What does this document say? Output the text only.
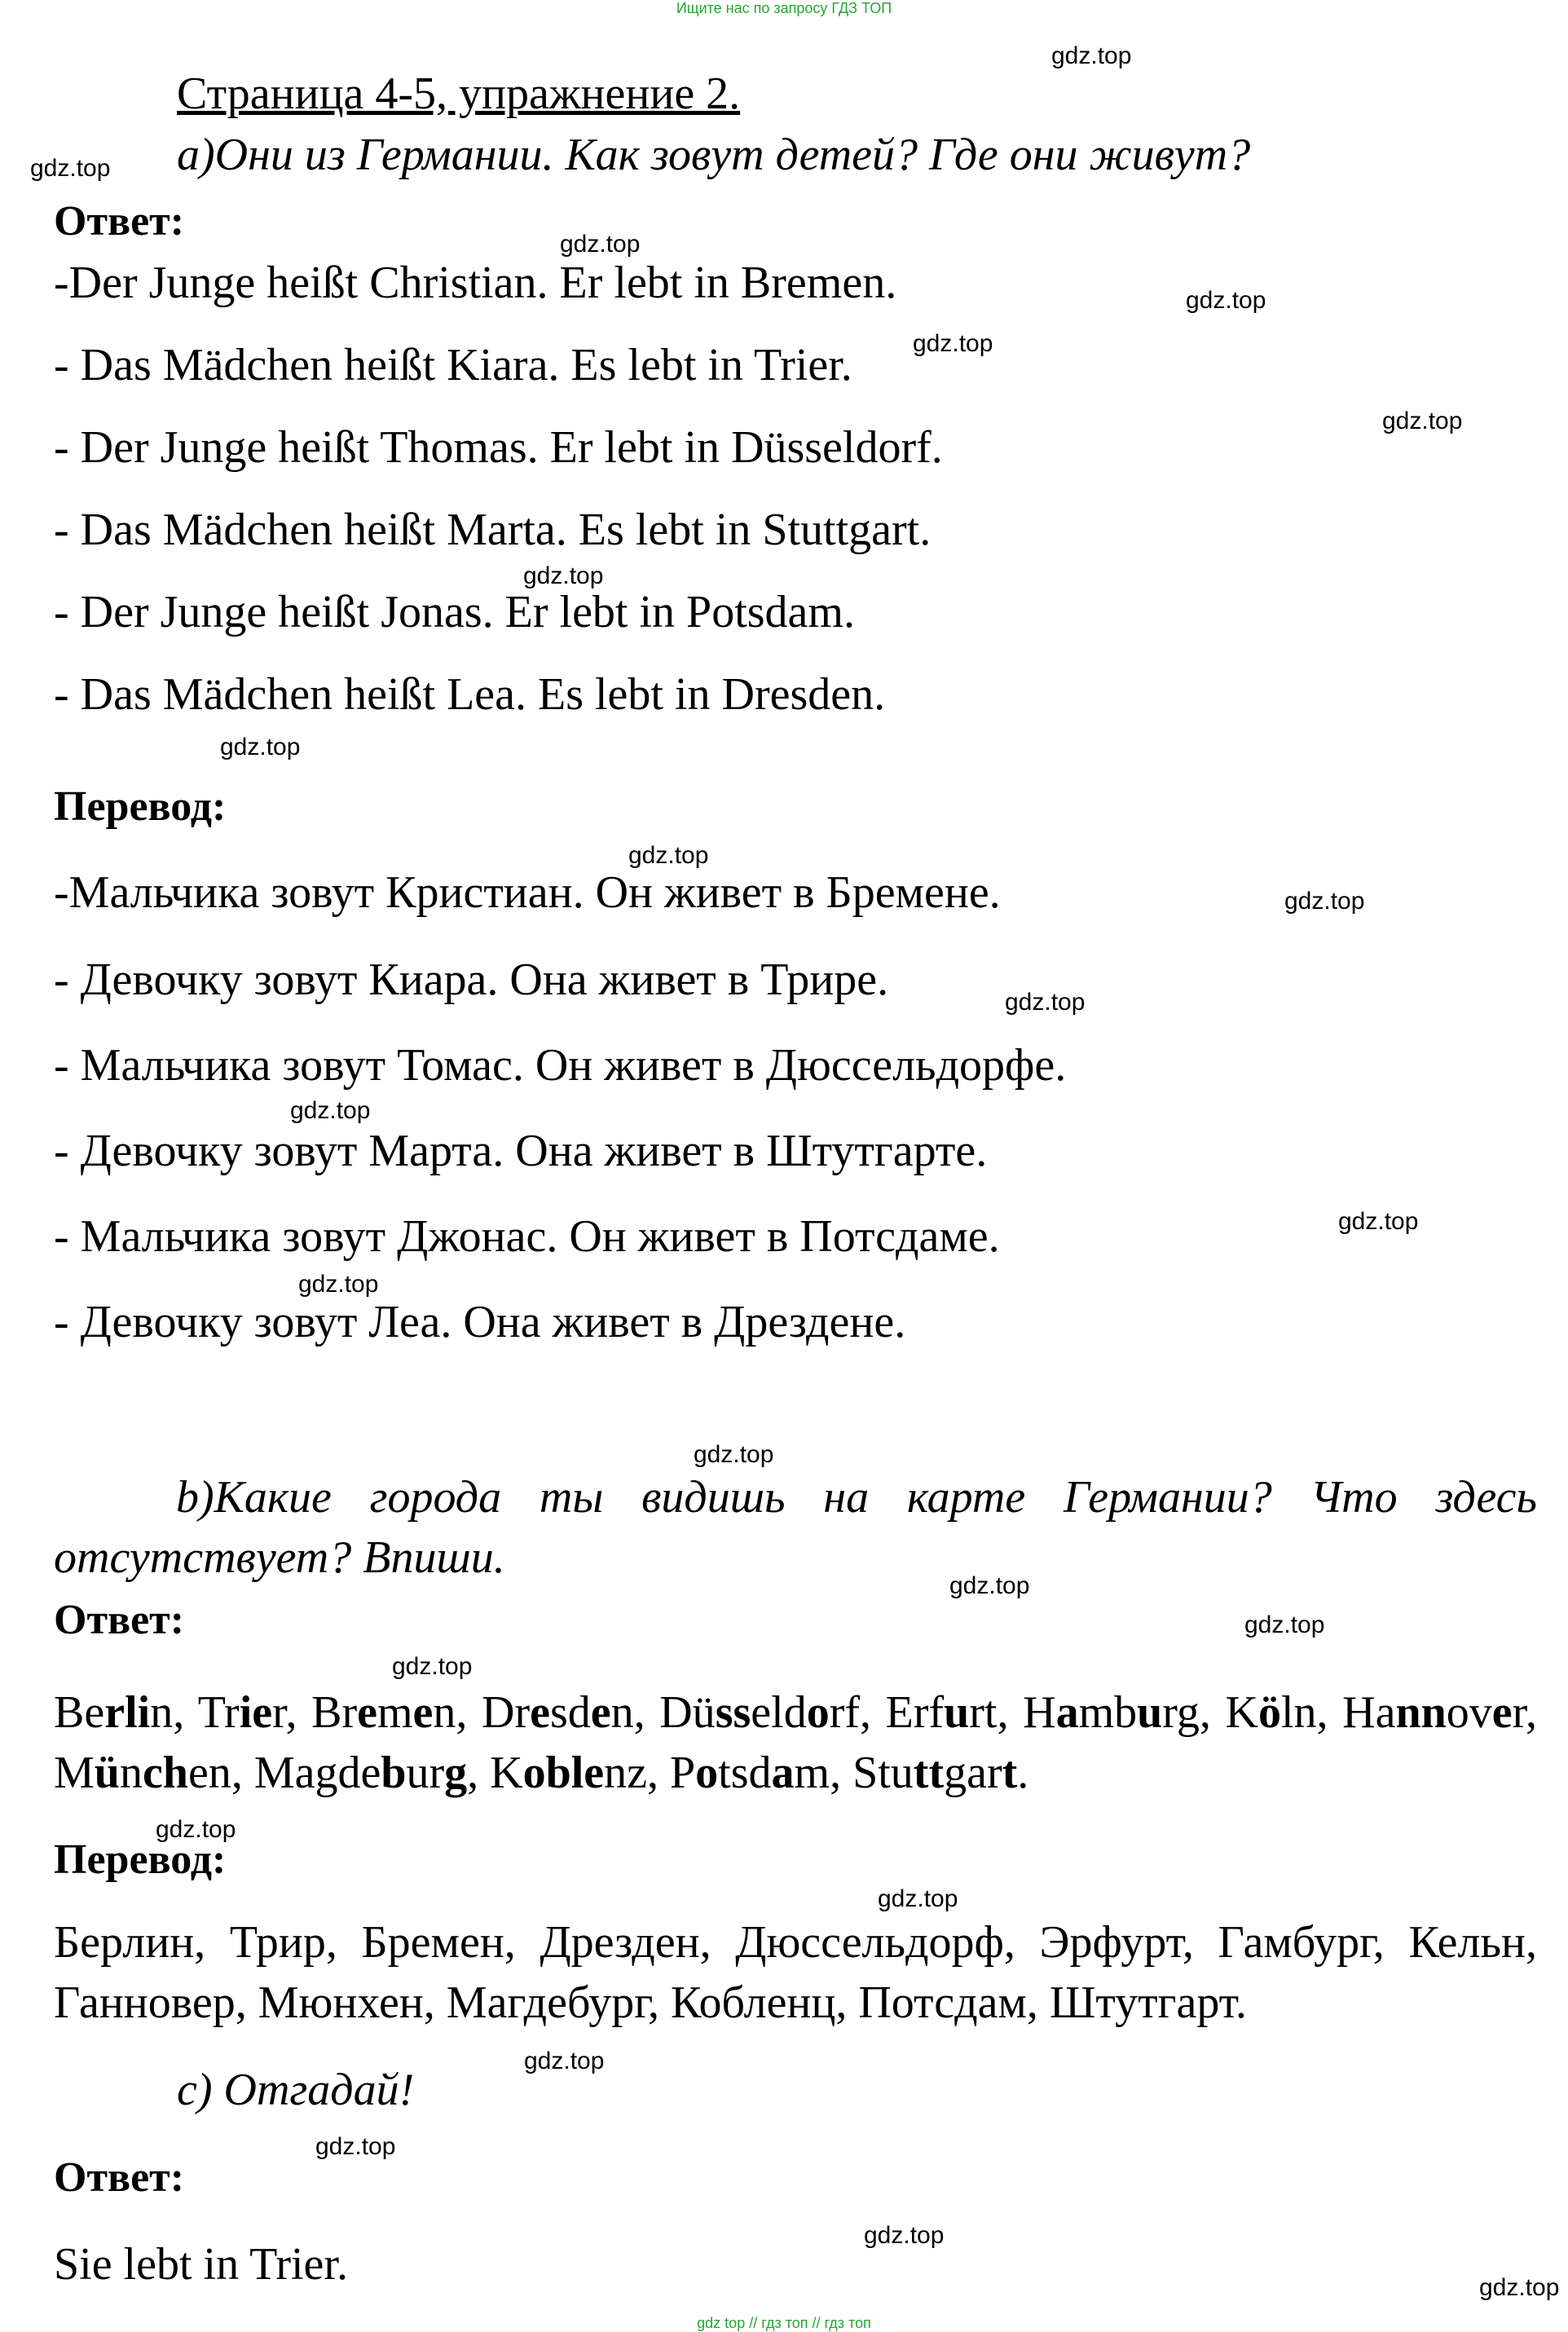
Ищите нас по запросу ГДЗ ТОП
Страница 4-5, упражнение 2.
а)Они из Германии. Как зовут детей? Где они живут?
Ответ:
-Der Junge heißt Christian. Er lebt in Bremen.
- Das Mädchen heißt Kiara. Es lebt in Trier.
- Der Junge heißt Thomas. Er lebt in Düsseldorf.
- Das Mädchen heißt Marta. Es lebt in Stuttgart.
- Der Junge heißt Jonas. Er lebt in Potsdam.
- Das Mädchen heißt Lea. Es lebt in Dresden.
Перевод:
-Мальчика зовут Кристиан. Он живет в Бремене.
- Девочку зовут Киара. Она живет в Трире.
- Мальчика зовут Томас. Он живет в Дюссельдорфе.
- Девочку зовут Марта. Она живет в Штутгарте.
- Мальчика зовут Джонас. Он живет в Потсдаме.
- Девочку зовут Леа. Она живет в Дрездене.
b)Какие города ты видишь на карте Германии? Что здесь отсутствует? Впиши.
Ответ:
Berlin, Trier, Bremen, Dresden, Düsseldorf, Erfurt, Hamburg, Köln, Hannover, München, Magdeburg, Koblenz, Potsdam, Stuttgart.
Перевод:
Берлин, Трир, Бремен, Дрезден, Дюссельдорф, Эрфурт, Гамбург, Кельн, Ганновер, Мюнхен, Магдебург, Кобленц, Потсдам, Штутгарт.
c) Отгадай!
Ответ:
Sie lebt in Trier.
gdz.top
gdz.top
gdz.top
gdz.top
gdz.top
gdz.top
gdz.top
gdz.top
gdz.top
gdz.top
gdz.top
gdz.top
gdz.top
gdz.top
gdz.top
gdz.top
gdz.top
gdz.top
gdz.top
gdz.top
gdz.top
gdz.top
gdz.top
gdz.top
gdz top // гдз топ // гдз топ
